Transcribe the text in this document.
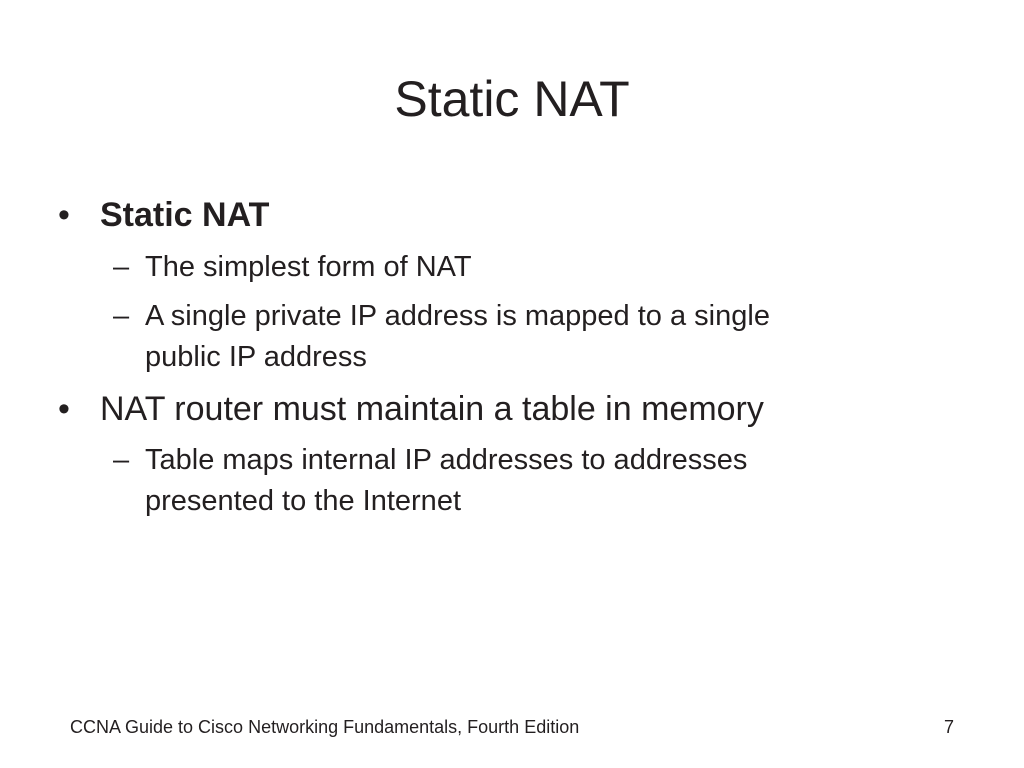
Static NAT
• Static NAT
– The simplest form of NAT
– A single private IP address is mapped to a single
public IP address
• NAT router must maintain a table in memory
– Table maps internal IP addresses to addresses
presented to the Internet
CCNA Guide to Cisco Networking Fundamentals, Fourth Edition	7
